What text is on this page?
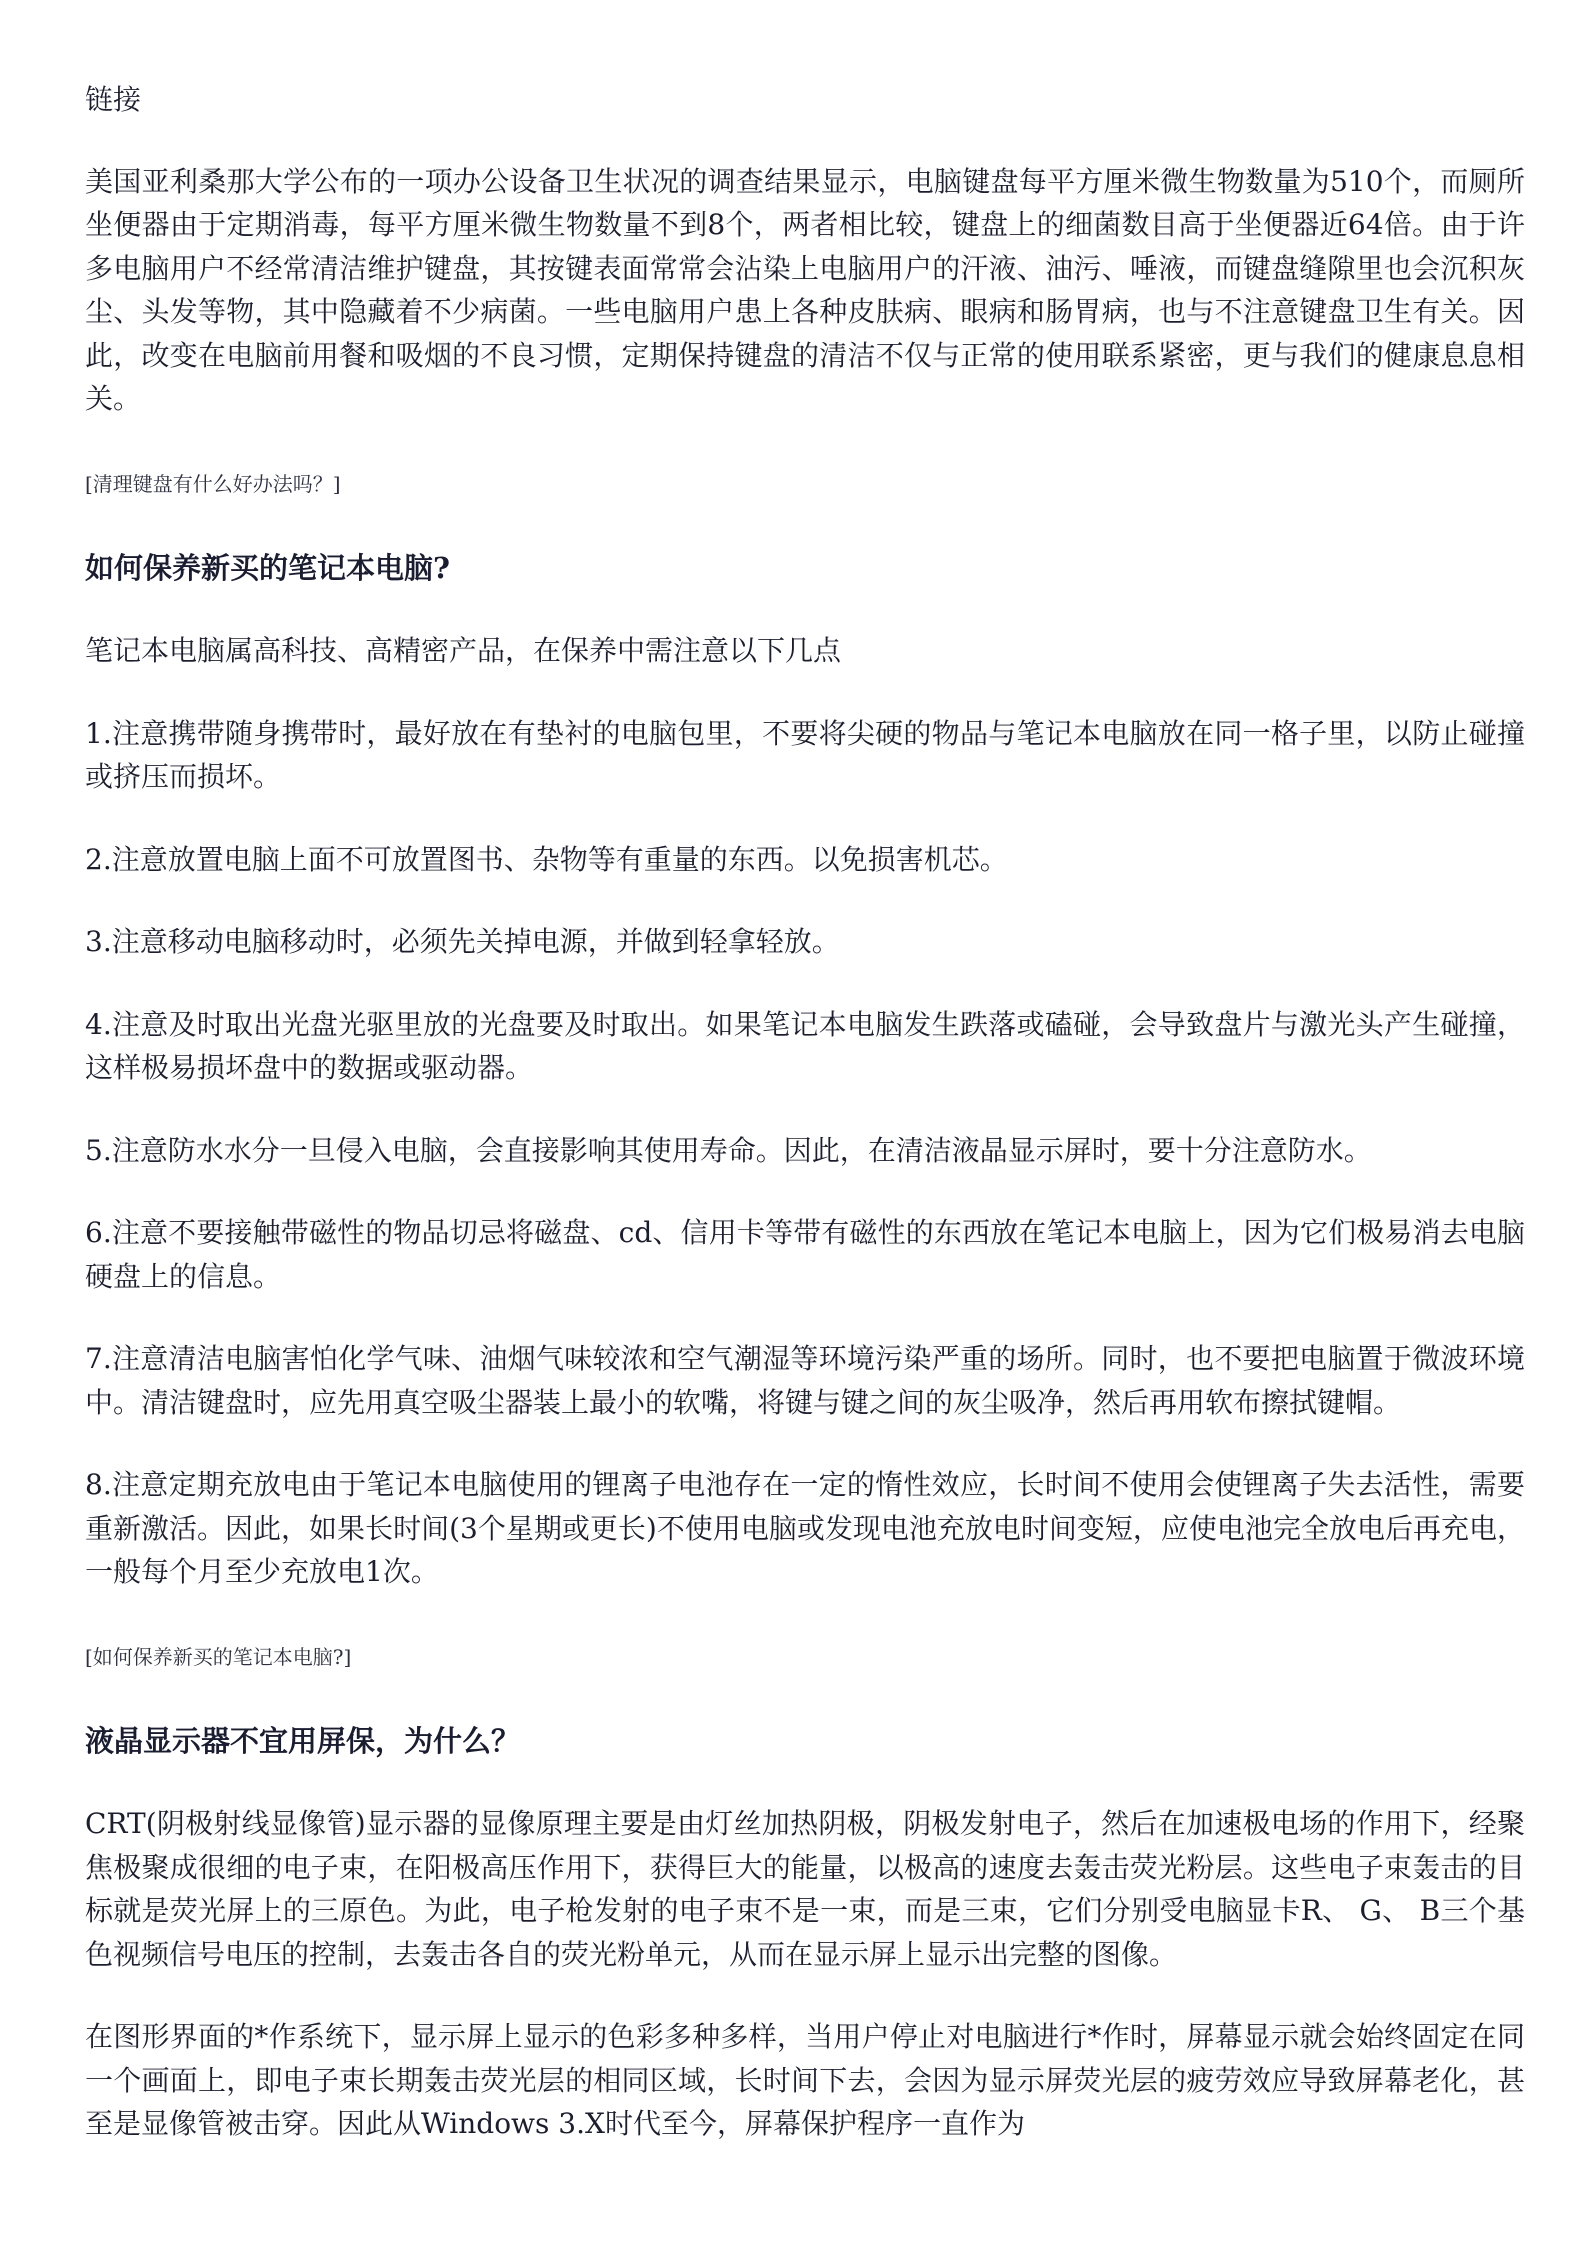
链接

美国亚利桑那大学公布的一项办公设备卫生状况的调查结果显示，电脑键盘每平方厘米微生物数量为510个，而厕所坐便器由于定期消毒，每平方厘米微生物数量不到8个，两者相比较，键盘上的细菌数目高于坐便器近64倍。由于许多电脑用户不经常清洁维护键盘，其按键表面常常会沾染上电脑用户的汗液、油污、唾液，而键盘缝隙里也会沉积灰尘、头发等物，其中隐藏着不少病菌。一些电脑用户患上各种皮肤病、眼病和肠胃病，也与不注意键盘卫生有关。因此，改变在电脑前用餐和吸烟的不良习惯，定期保持键盘的清洁不仅与正常的使用联系紧密，更与我们的健康息息相关。

[清理键盘有什么好办法吗？]

如何保养新买的笔记本电脑?

笔记本电脑属高科技、高精密产品，在保养中需注意以下几点

1.注意携带随身携带时，最好放在有垫衬的电脑包里，不要将尖硬的物品与笔记本电脑放在同一格子里，以防止碰撞或挤压而损坏。

2.注意放置电脑上面不可放置图书、杂物等有重量的东西。以免损害机芯。

3.注意移动电脑移动时，必须先关掉电源，并做到轻拿轻放。

4.注意及时取出光盘光驱里放的光盘要及时取出。如果笔记本电脑发生跌落或磕碰，会导致盘片与激光头产生碰撞，这样极易损坏盘中的数据或驱动器。

5.注意防水水分一旦侵入电脑，会直接影响其使用寿命。因此，在清洁液晶显示屏时，要十分注意防水。

6.注意不要接触带磁性的物品切忌将磁盘、cd、信用卡等带有磁性的东西放在笔记本电脑上，因为它们极易消去电脑硬盘上的信息。

7.注意清洁电脑害怕化学气味、油烟气味较浓和空气潮湿等环境污染严重的场所。同时，也不要把电脑置于微波环境中。清洁键盘时，应先用真空吸尘器装上最小的软嘴，将键与键之间的灰尘吸净，然后再用软布擦拭键帽。

8.注意定期充放电由于笔记本电脑使用的锂离子电池存在一定的惰性效应，长时间不使用会使锂离子失去活性，需要重新激活。因此，如果长时间(3个星期或更长)不使用电脑或发现电池充放电时间变短，应使电池完全放电后再充电，一般每个月至少充放电1次。

[如何保养新买的笔记本电脑?]

液晶显示器不宜用屏保，为什么？

CRT(阴极射线显像管)显示器的显像原理主要是由灯丝加热阴极，阴极发射电子，然后在加速极电场的作用下，经聚焦极聚成很细的电子束，在阳极高压作用下，获得巨大的能量，以极高的速度去轰击荧光粉层。这些电子束轰击的目标就是荧光屏上的三原色。为此，电子枪发射的电子束不是一束，而是三束，它们分别受电脑显卡R、 G、 B三个基色视频信号电压的控制，去轰击各自的荧光粉单元，从而在显示屏上显示出完整的图像。

在图形界面的*作系统下，显示屏上显示的色彩多种多样，当用户停止对电脑进行*作时，屏幕显示就会始终固定在同一个画面上，即电子束长期轰击荧光层的相同区域，长时间下去，会因为显示屏荧光层的疲劳效应导致屏幕老化，甚至是显像管被击穿。因此从Windows 3.X时代至今，屏幕保护程序一直作为
